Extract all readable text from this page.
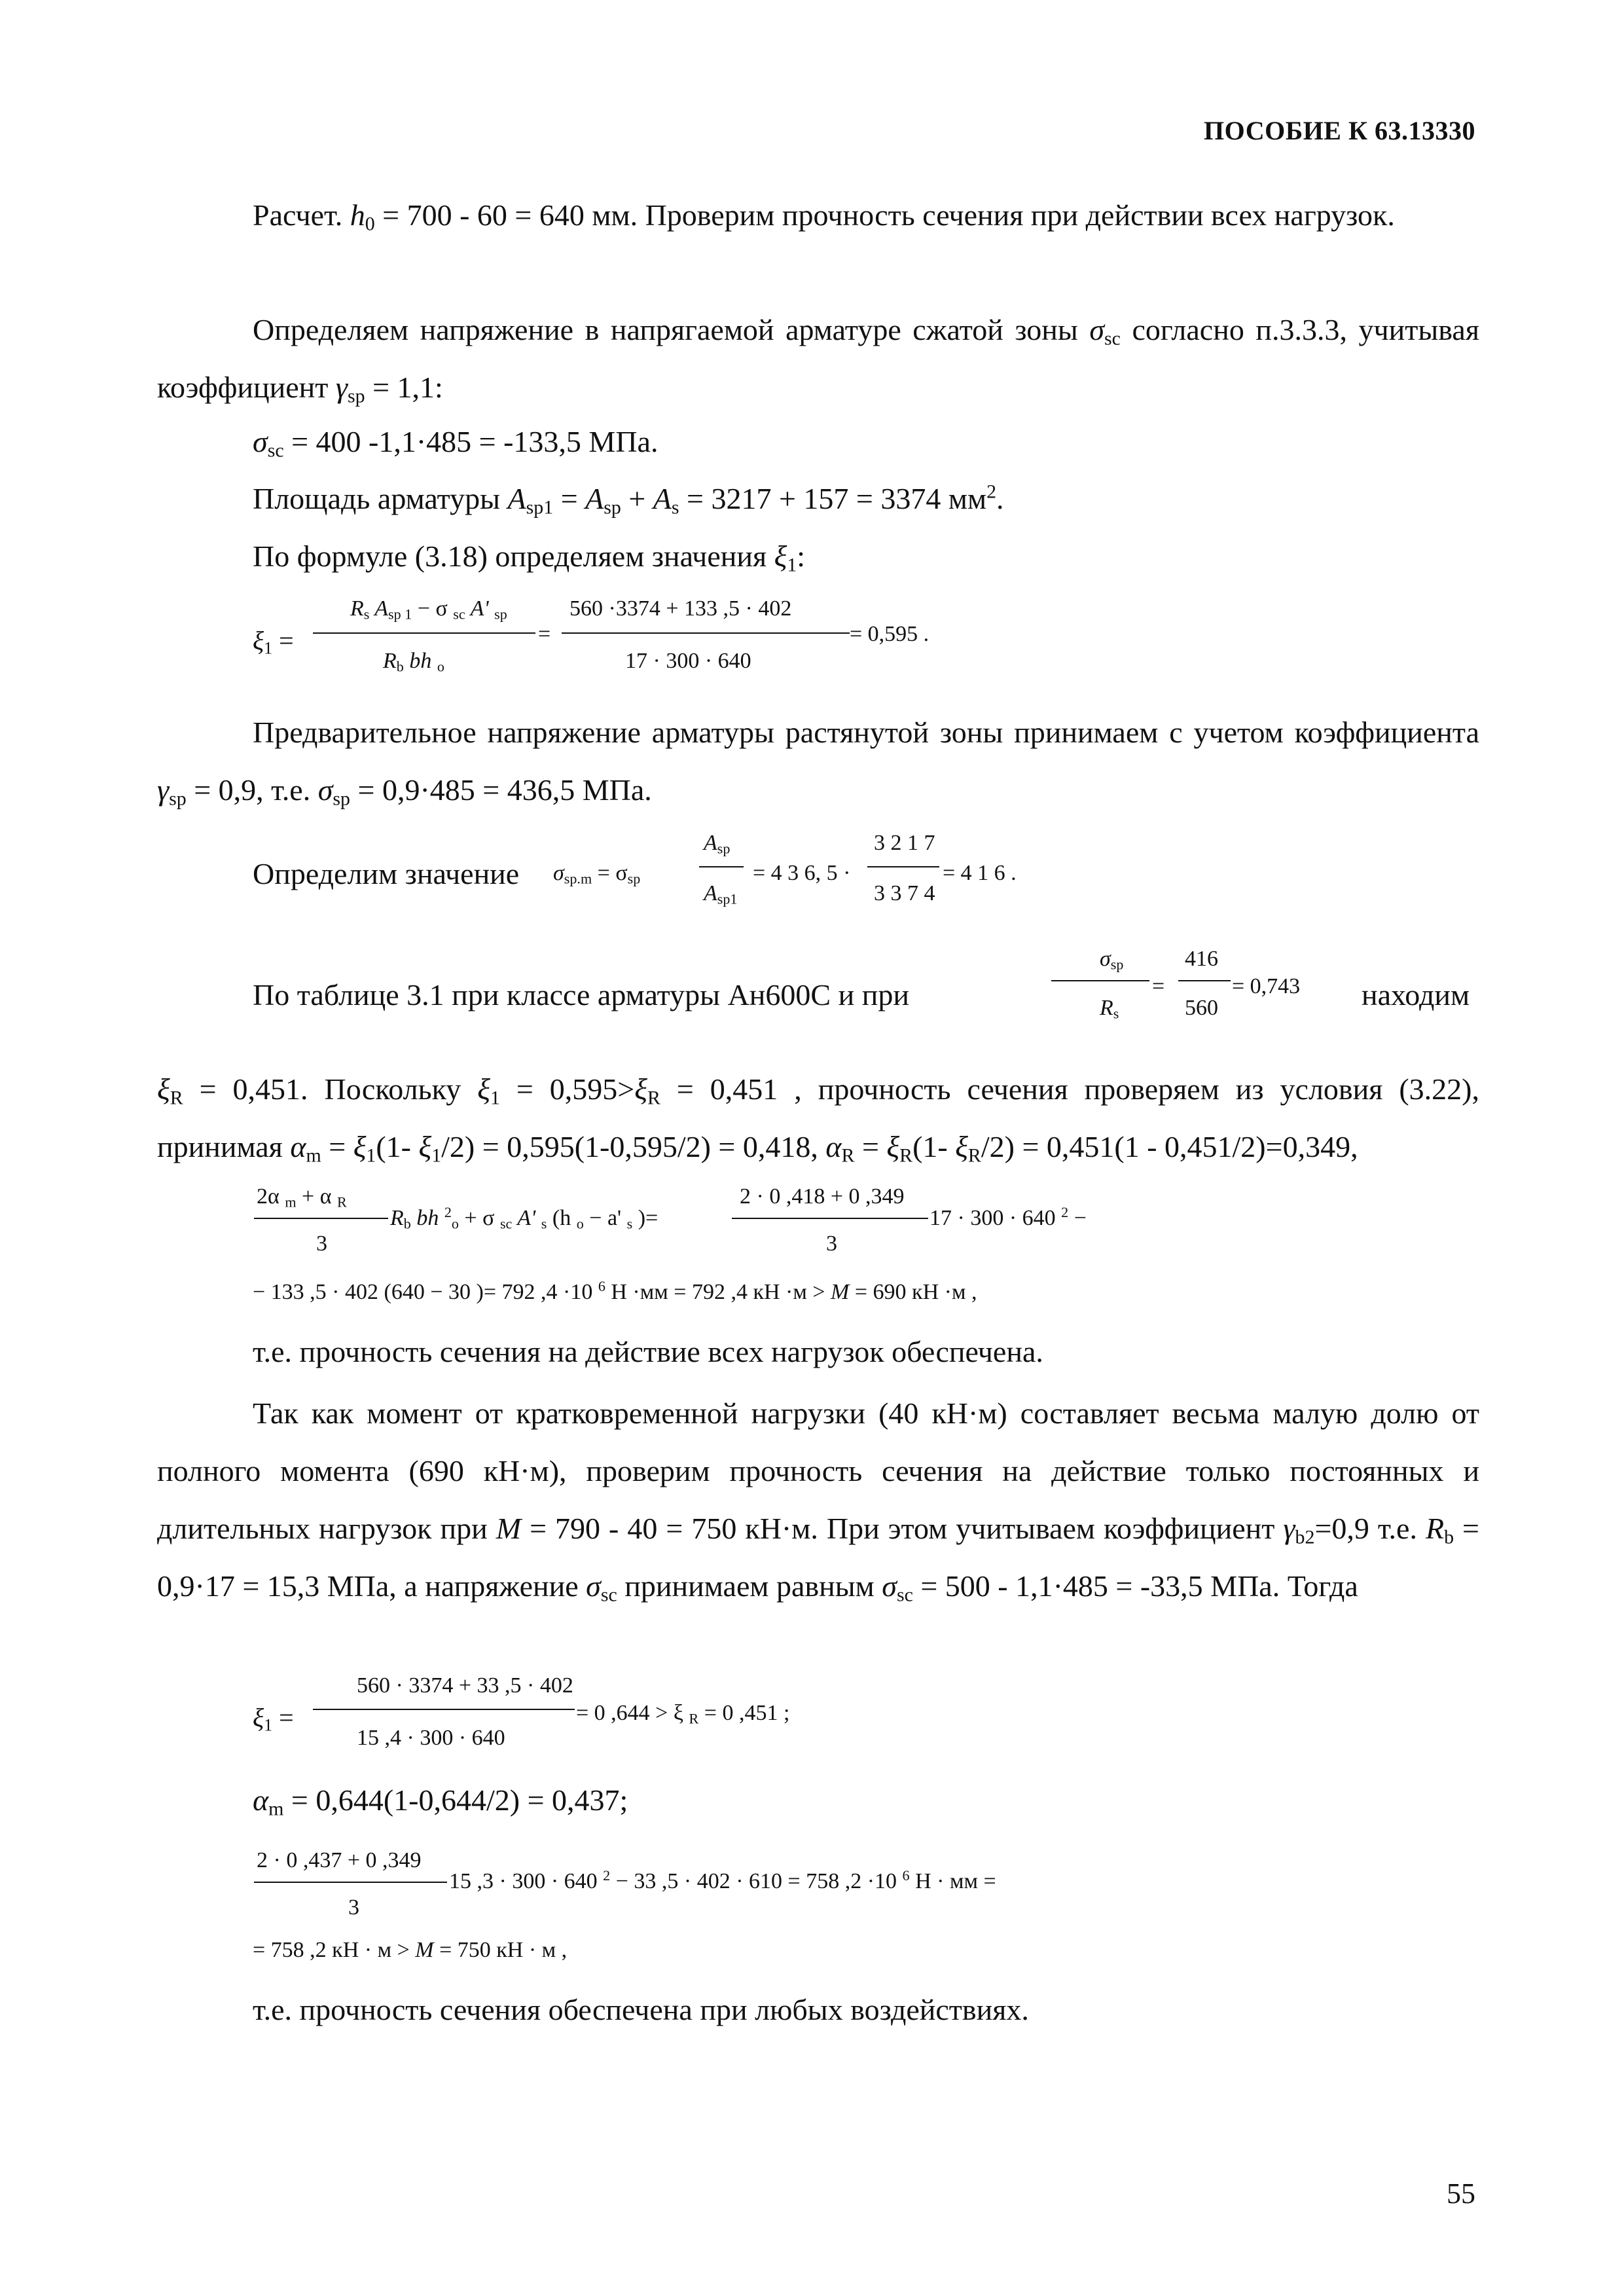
ПОСОБИЕ К 63.13330

Расчет. $h_0 = 700 - 60 = 640$ мм. Проверим прочность сечения при действии всех нагрузок.

Определяем напряжение в напрягаемой арматуре сжатой зоны $\sigma_{sc}$ согласно п.3.3.3, учитывая коэффициент $\gamma_{sp} = 1,1$:

$\sigma_{sc} = 400$ -1,1·485 = -133,5 МПа.
Площадь арматуры $A_{sp1} = A_{sp} + A_s = 3217 + 157 = 3374$ $мм^2$.
По формуле (3.18) определяем значения $\xi_1$:
$\xi_1$ =
$R_s$ $A_{sp 1} - \sigma$ $_{sc}$ A' $_{sp}$
$R_b$ bh $_o$
=
560 ·3374 + 133 ,5 · 402
17 · 300 · 640
= 0,595 .

Предварительное напряжение арматуры растянутой зоны принимаем с учетом коэффициента $\gamma_{sp} = 0,9$, т.е. $\sigma_{sp} = 0,9\cdot 485 = 436,5$ МПа.

Определим значение $\sigma_{sp.m} = \sigma_{sp}$
$A_{sp}$
$A_{sp1}$
= 4 3 6, 5 ·
3 2 1 7
3 3 7 4
= 4 1 6 .
По таблице 3.1 при классе арматуры Ан600С и при
$\sigma_{sp}$
$R_s$
=
416
560
= 0,743 находим

$\xi_R = 0,451$. Поскольку $\xi_1 = 0,595>\xi_R = 0,451$ , прочность сечения проверяем из условия (3.22), принимая $\alpha_m = \xi_1(1-$ $\xi_1/2) = 0,595(1-0,595/2) = 0,418$, $\alpha_R = \xi_R(1-$ $\xi_R/2) = 0,451(1 - 0,451/2)=0,349$,

2α $_m$ + α $_R$
3
$R_b$ bh $^2_o$ + σ $_{sc}$ A' $_s$ (h $_o$ − a' $_s$ )=
2 · 0 ,418 + 0 ,349
3
17 · 300 · 640 $^2$ −
− 133 ,5 · 402 (640 − 30 )= 792 ,4 ·10 $^6$ Н ·мм = 792 ,4 кН ·м > M = 690 кН ·м ,
т.е. прочность сечения на действие всех нагрузок обеспечена.

Так как момент от кратковременной нагрузки (40 кН·м) составляет весьма малую долю от полного момента (690 кН·м), проверим прочность сечения на действие только постоянных и длительных нагрузок при M = 790 - 40 = 750 кН·м. При этом учитываем коэффициент $\gamma_{b2}=0,9$ т.е. $R_b = 0,9\cdot 17 = 15,3$ МПа, а напряжение $\sigma_{sc}$ принимаем равным $\sigma_{sc} = 500 - 1,1\cdot 485 = -33,5$ МПа. Тогда

$\xi_1$ =
560 · 3374 + 33 ,5 · 402
15 ,4 · 300 · 640
= 0 ,644 > ξ $_R$ = 0 ,451 ;
$\alpha_m = 0,644(1-0,644/2) = 0,437$;
2 · 0 ,437 + 0 ,349
3
15 ,3 · 300 · 640 $^2$ − 33 ,5 · 402 · 610 = 758 ,2 ·10 $^6$ Н · мм =
= 758 ,2 кН · м > M = 750 кН · м ,
т.е. прочность сечения обеспечена при любых воздействиях.
55
